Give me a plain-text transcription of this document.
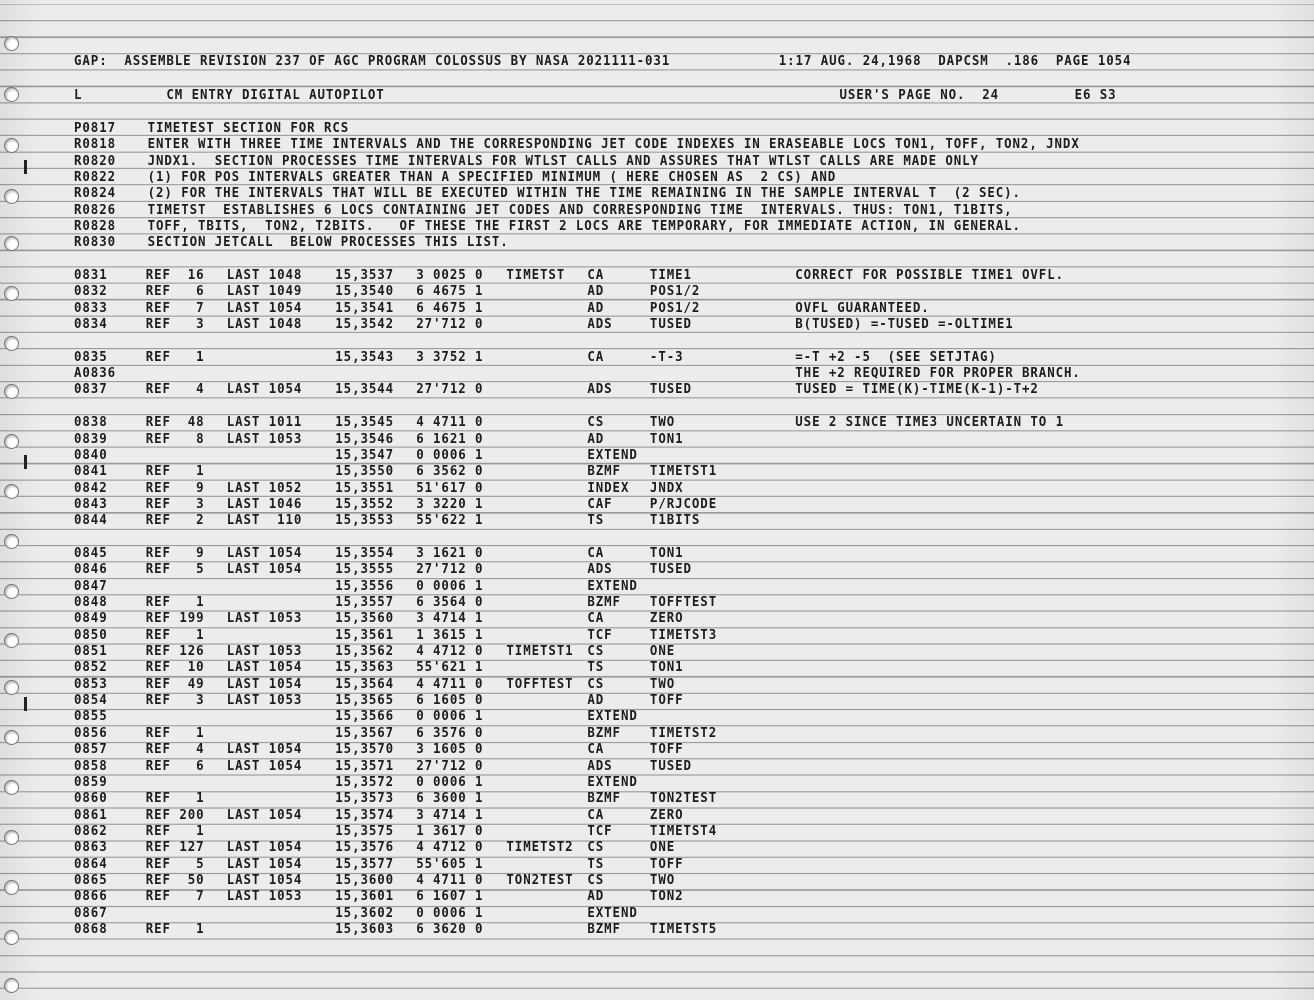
GAP:  ASSEMBLE REVISION 237 OF AGC PROGRAM COLOSSUS BY NASA 2021111-031

	1:17 AUG. 24,1968  DAPCSM  .186  PAGE 1054

L          CM ENTRY DIGITAL AUTOPILOT

	USER'S PAGE NO.  24         E6 S3

P0817 TIMETEST SECTION FOR RCS
R0818 ENTER WITH THREE TIME INTERVALS AND THE CORRESPONDING JET CODE INDEXES IN ERASEABLE LOCS TON1, TOFF, TON2, JNDX
R0820 JNDX1.  SECTION PROCESSES TIME INTERVALS FOR WTLST CALLS AND ASSURES THAT WTLST CALLS ARE MADE ONLY
R0822 (1) FOR POS INTERVALS GREATER THAN A SPECIFIED MINIMUM ( HERE CHOSEN AS  2 CS) AND
R0824 (2) FOR THE INTERVALS THAT WILL BE EXECUTED WITHIN THE TIME REMAINING IN THE SAMPLE INTERVAL T  (2 SEC).
R0826 TIMETST  ESTABLISHES 6 LOCS CONTAINING JET CODES AND CORRESPONDING TIME  INTERVALS. THUS: TON1, T1BITS,
R0828 TOFF, TBITS,  TON2, T2BITS.   OF THESE THE FIRST 2 LOCS ARE TEMPORARY, FOR IMMEDIATE ACTION, IN GENERAL.
R0830 SECTION JETCALL  BELOW PROCESSES THIS LIST.
0831	REF  16 LAST 1048 15,3537 3 0025 0 TIMETST CA	TIME1	CORRECT FOR POSSIBLE TIME1 OVFL.
0832	REF   6 LAST 1049 15,3540 6 4675 1	AD	POS1/2
0833	REF   7 LAST 1054 15,3541 6 4675 1	AD	POS1/2	OVFL GUARANTEED.
0834	REF   3 LAST 1048 15,3542 27'712 0	ADS	TUSED	B(TUSED) =-TUSED =-OLTIME1
0835	REF   1	15,3543 3 3752 1	CA	-T-3	=-T +2 -5  (SEE SETJTAG)
A0836	THE +2 REQUIRED FOR PROPER BRANCH.
0837	REF   4 LAST 1054 15,3544 27'712 0	ADS	TUSED	TUSED = TIME(K)-TIME(K-1)-T+2
0838	REF  48 LAST 1011 15,3545 4 4711 0	CS	TWO	USE 2 SINCE TIME3 UNCERTAIN TO 1
0839	REF   8 LAST 1053 15,3546 6 1621 0	AD	TON1
0840	15,3547 0 0006 1	EXTEND
0841	REF   1	15,3550 6 3562 0	BZMF TIMETST1
0842	REF   9 LAST 1052 15,3551 51'617 0	INDEX JNDX
0843	REF   3 LAST 1046 15,3552 3 3220 1	CAF	P/RJCODE
0844	REF   2 LAST  110 15,3553 55'622 1	TS	T1BITS
0845	REF   9 LAST 1054 15,3554 3 1621 0	CA	TON1
0846	REF   5 LAST 1054 15,3555 27'712 0	ADS	TUSED
0847	15,3556 0 0006 1	EXTEND
0848	REF   1	15,3557 6 3564 0	BZMF TOFFTEST
0849	REF 199 LAST 1053 15,3560 3 4714 1	CA	ZERO
0850	REF   1	15,3561 1 3615 1	TCF	TIMETST3
0851	REF 126 LAST 1053 15,3562 4 4712 0 TIMETST1 CS	ONE
0852	REF  10 LAST 1054 15,3563 55'621 1	TS	TON1
0853	REF  49 LAST 1054 15,3564 4 4711 0 TOFFTEST CS	TWO
0854	REF   3 LAST 1053 15,3565 6 1605 0	AD	TOFF
0855	15,3566 0 0006 1	EXTEND
0856	REF   1	15,3567 6 3576 0	BZMF TIMETST2
0857	REF   4 LAST 1054 15,3570 3 1605 0	CA	TOFF
0858	REF   6 LAST 1054 15,3571 27'712 0	ADS	TUSED
0859	15,3572 0 0006 1	EXTEND
0860	REF   1	15,3573 6 3600 1	BZMF TON2TEST
0861	REF 200 LAST 1054 15,3574 3 4714 1	CA	ZERO
0862	REF   1	15,3575 1 3617 0	TCF	TIMETST4
0863	REF 127 LAST 1054 15,3576 4 4712 0 TIMETST2 CS	ONE
0864	REF   5 LAST 1054 15,3577 55'605 1	TS	TOFF
0865	REF  50 LAST 1054 15,3600 4 4711 0 TON2TEST CS	TWO
0866	REF   7 LAST 1053 15,3601 6 1607 1	AD	TON2
0867	15,3602 0 0006 1	EXTEND
0868	REF   1	15,3603 6 3620 0	BZMF TIMETST5
